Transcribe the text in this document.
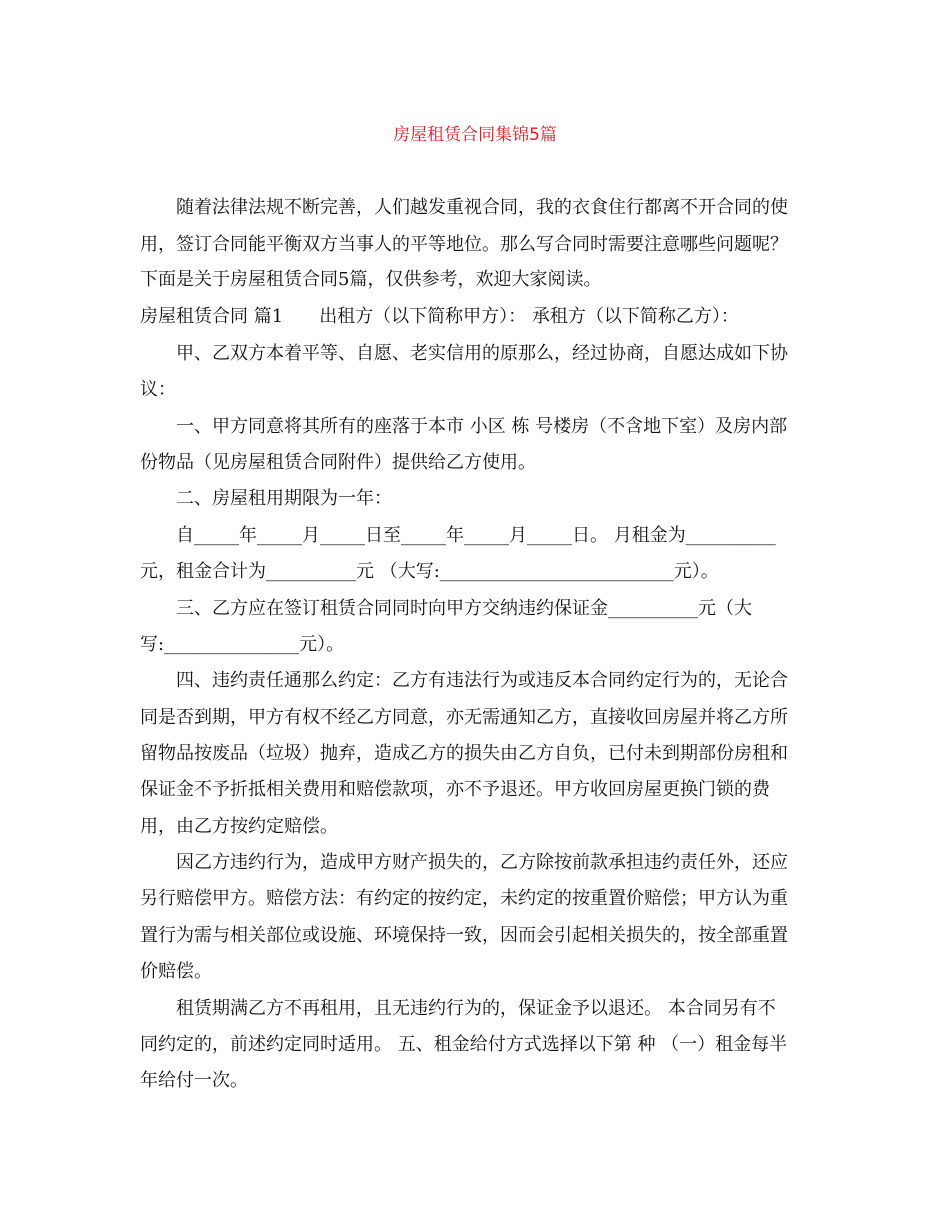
房屋租赁合同集锦5篇
随着法律法规不断完善，人们越发重视合同，我的衣食住行都离不开合同的使
用，签订合同能平衡双方当事人的平等地位。那么写合同时需要注意哪些问题呢？
下面是关于房屋租赁合同5篇，仅供参考，欢迎大家阅读。
房屋租赁合同 篇1 出租方（以下简称甲方）： 承租方（以下简称乙方）：
甲、乙双方本着平等、自愿、老实信用的原那么，经过协商，自愿达成如下协
议：
一、甲方同意将其所有的座落于本市 小区 栋 号楼房（不含地下室）及房内部
份物品（见房屋租赁合同附件）提供给乙方使用。
二、房屋租用期限为一年：
自_____年_____月_____日至_____年_____月_____日。 月租金为__________
元，租金合计为__________元 （大写:__________________________元）。
三、乙方应在签订租赁合同同时向甲方交纳违约保证金__________元（大
写:_______________元）。
四、违约责任通那么约定：乙方有违法行为或违反本合同约定行为的，无论合
同是否到期，甲方有权不经乙方同意，亦无需通知乙方，直接收回房屋并将乙方所
留物品按废品（垃圾）抛弃，造成乙方的损失由乙方自负，已付未到期部份房租和
保证金不予折抵相关费用和赔偿款项，亦不予退还。甲方收回房屋更换门锁的费
用，由乙方按约定赔偿。
因乙方违约行为，造成甲方财产损失的，乙方除按前款承担违约责任外，还应
另行赔偿甲方。赔偿方法：有约定的按约定，未约定的按重置价赔偿；甲方认为重
置行为需与相关部位或设施、环境保持一致，因而会引起相关损失的，按全部重置
价赔偿。
租赁期满乙方不再租用，且无违约行为的，保证金予以退还。 本合同另有不
同约定的，前述约定同时适用。 五、租金给付方式选择以下第 种 （一）租金每半
年给付一次。
